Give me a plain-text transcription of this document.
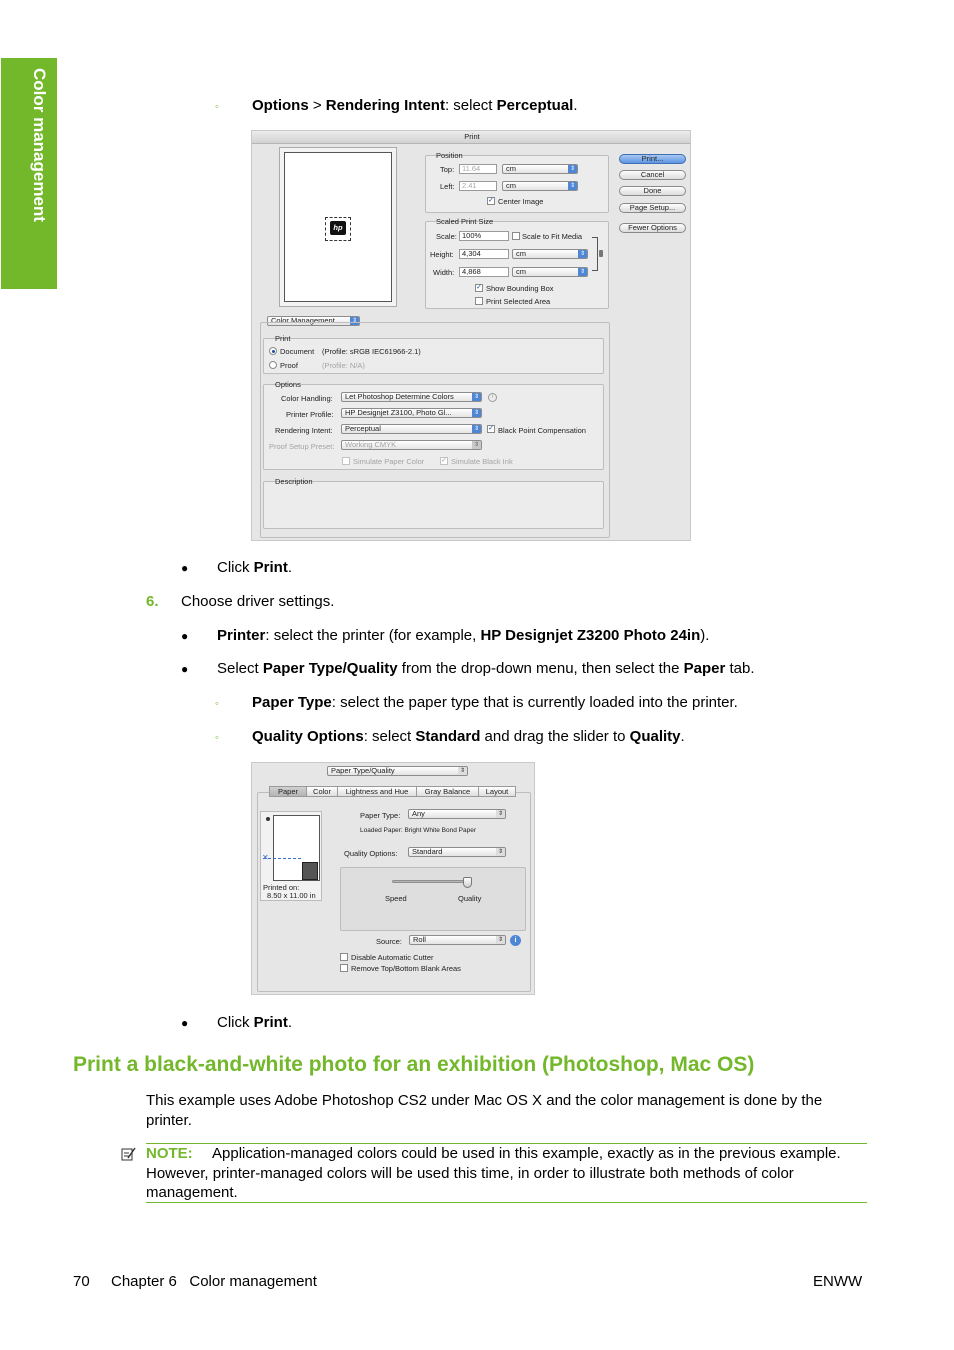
Color management	◦ Options > Rendering Intent: select Perceptual.
Print
hp
Position
Top:	11.64	cm	⇕
Left: 2.41	cm	⇕
✓ Center Image
Scaled Print Size
Scale: 100%	Scale to Fit Media
Height:	4,304	cm	⇕
Width:	4,868	cm	⇕
✓ Show Bounding Box
Print Selected Area
Print...
Cancel
Done
Page Setup...
Fewer Options
Color Management	⇕
Print
Document (Profile: sRGB IEC61966-2.1)
Proof	(Profile: N/A)
Options
Color Handling:	Let Photoshop Determine Colors	⇕	i
Printer Profile:	HP Designjet Z3100, Photo Gl...	⇕
Rendering Intent:	Perceptual	⇕ ✓ Black Point Compensation
Proof Setup Preset:	Working CMYK	⇕
Simulate Paper Color ✓ Simulate Black Ink
Description
● Click Print.
6. Choose driver settings.
● Printer: select the printer (for example, HP Designjet Z3200 Photo 24in).
● Select Paper Type/Quality from the drop-down menu, then select the Paper tab.
◦ Paper Type: select the paper type that is currently loaded into the printer.
◦ Quality Options: select Standard and drag the slider to Quality.
Paper Type/Quality	⇕
Paper	Color	Lightness and Hue	Gray Balance	Layout
✕
Printed on:
8.50 x 11.00 in
Paper Type:	Any	⇕
Loaded Paper: Bright White Bond Paper
Quality Options:	Standard	⇕
Speed	Quality
Source:	Roll	⇕	i
Disable Automatic Cutter
Remove Top/Bottom Blank Areas
● Click Print.
Print a black-and-white photo for an exhibition (Photoshop, Mac OS)
This example uses Adobe Photoshop CS2 under Mac OS X and the color management is done by the
printer.
NOTE: Application-managed colors could be used in this example, exactly as in the previous example.
However, printer-managed colors will be used this time, in order to illustrate both methods of color
management.
70 Chapter 6   Color management	ENWW
